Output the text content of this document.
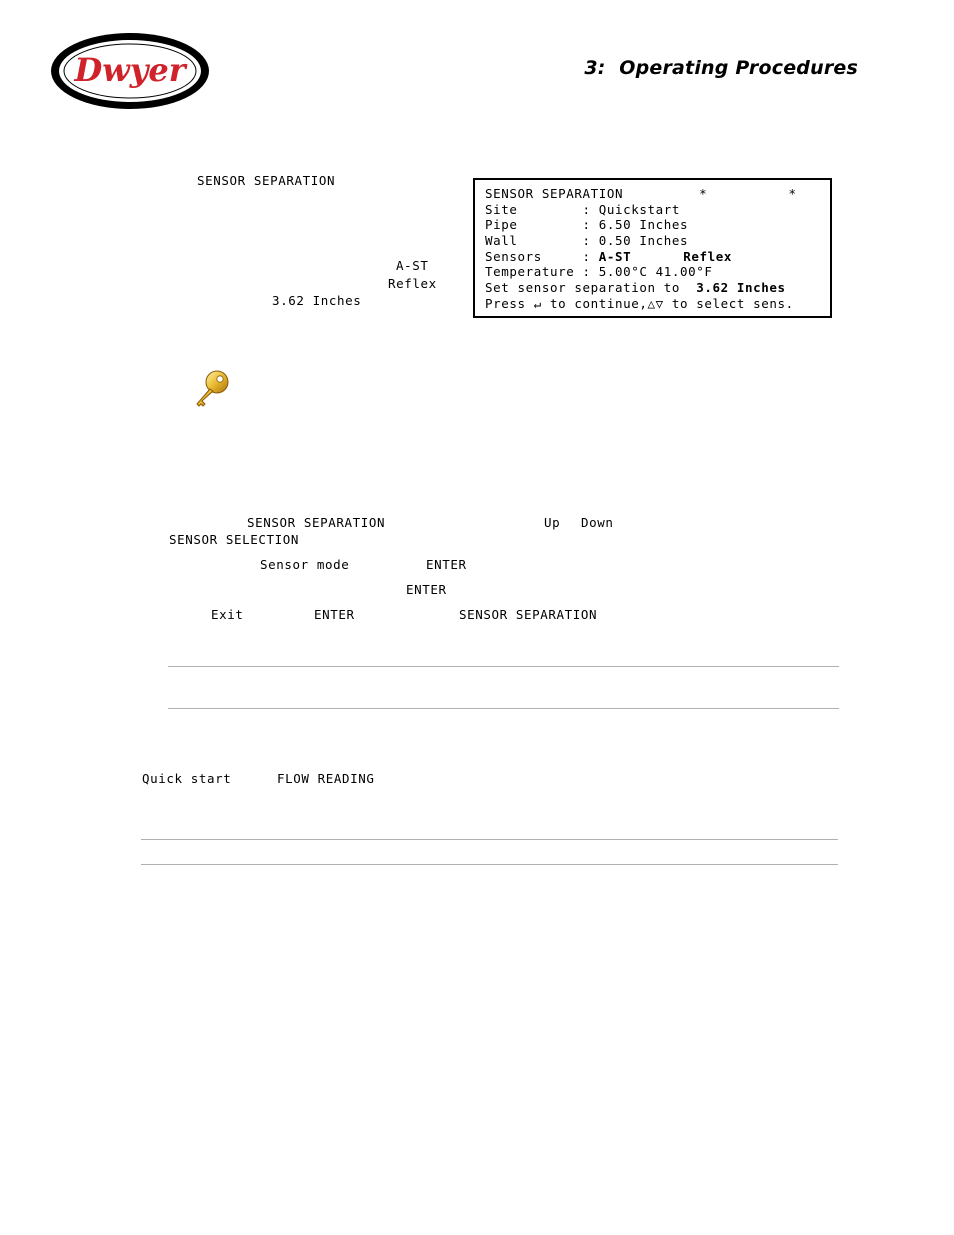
Dwyer	3:  Operating Procedures
SENSOR SEPARATION
A-ST
Reflex
3.62 Inches
SENSOR SEPARATION	*          *
Site        : Quickstart
Pipe        : 6.50 Inches
Wall        : 0.50 Inches
Sensors     : A-ST	Reflex
Temperature : 5.00°C 41.00°F
Set sensor separation to  3.62 Inches
Press ↵ to continue,△▽ to select sens.
SENSOR SEPARATION	Up Down
SENSOR SELECTION
Sensor mode	ENTER
ENTER
Exit	ENTER	SENSOR SEPARATION
Quick start	FLOW READING
